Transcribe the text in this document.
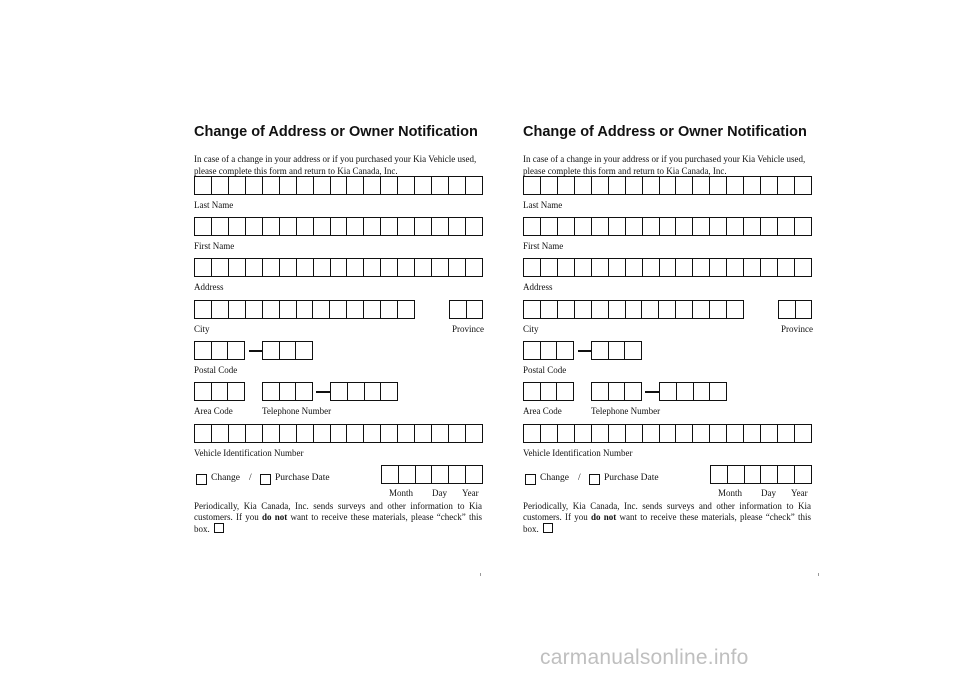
Change of Address or Owner Notification
In case of a change in your address or if you purchased your Kia Vehicle used, please complete this form and return to Kia Canada, Inc.
Last Name
First Name
Address
City	Province
Postal Code
Area Code	Telephone Number
Vehicle Identification Number
Change / Purchase Date
Month Day Year
Periodically, Kia Canada, Inc. sends surveys and other information to Kia customers. If you do not want to receive these materials, please “check” this box.
Change of Address or Owner Notification
In case of a change in your address or if you purchased your Kia Vehicle used, please complete this form and return to Kia Canada, Inc.
Last Name
First Name
Address
City	Province
Postal Code
Area Code	Telephone Number
Vehicle Identification Number
Change / Purchase Date
Month Day Year
Periodically, Kia Canada, Inc. sends surveys and other information to Kia customers. If you do not want to receive these materials, please “check” this box.
carmanualsonline.info
